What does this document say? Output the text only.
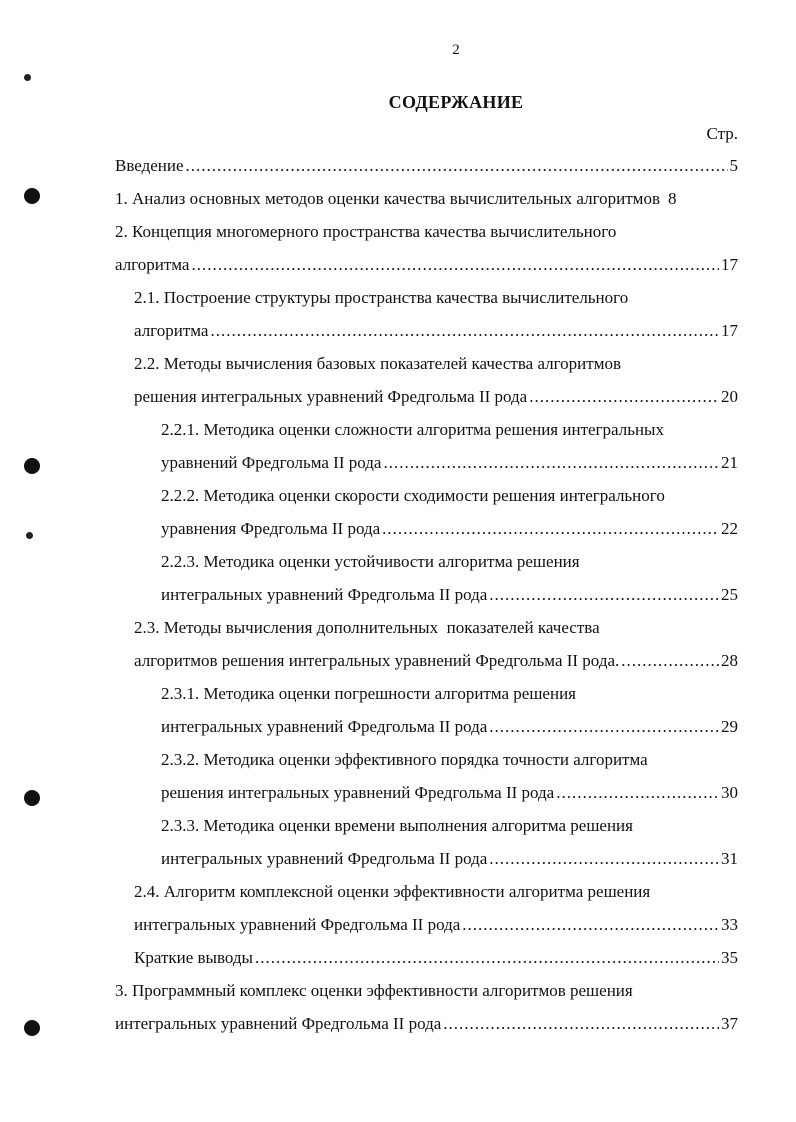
2
СОДЕРЖАНИЕ
Стр.
Введение .....	5
1. Анализ основных методов оценки качества вычислительных алгоритмов 8
2. Концепция многомерного пространства качества вычислительного
алгоритма .....	17
2.1. Построение структуры пространства качества вычислительного
алгоритма .....	17
2.2. Методы вычисления базовых показателей качества алгоритмов
решения интегральных уравнений Фредгольма II рода .....	20
2.2.1. Методика оценки сложности алгоритма решения интегральных
уравнений Фредгольма II рода .....	21
2.2.2. Методика оценки скорости сходимости решения интегрального
уравнения Фредгольма II рода .....	22
2.2.3. Методика оценки устойчивости алгоритма решения
интегральных уравнений Фредгольма II рода .....	25
2.3. Методы вычисления дополнительных  показателей качества
алгоритмов решения интегральных уравнений Фредгольма II рода. .....	28
2.3.1. Методика оценки погрешности алгоритма решения
интегральных уравнений Фредгольма II рода .....	29
2.3.2. Методика оценки эффективного порядка точности алгоритма
решения интегральных уравнений Фредгольма II рода .....	30
2.3.3. Методика оценки времени выполнения алгоритма решения
интегральных уравнений Фредгольма II рода .....	31
2.4. Алгоритм комплексной оценки эффективности алгоритма решения
интегральных уравнений Фредгольма II рода .....	33
Краткие выводы .....	35
3. Программный комплекс оценки эффективности алгоритмов решения
интегральных уравнений Фредгольма II рода .....	37
